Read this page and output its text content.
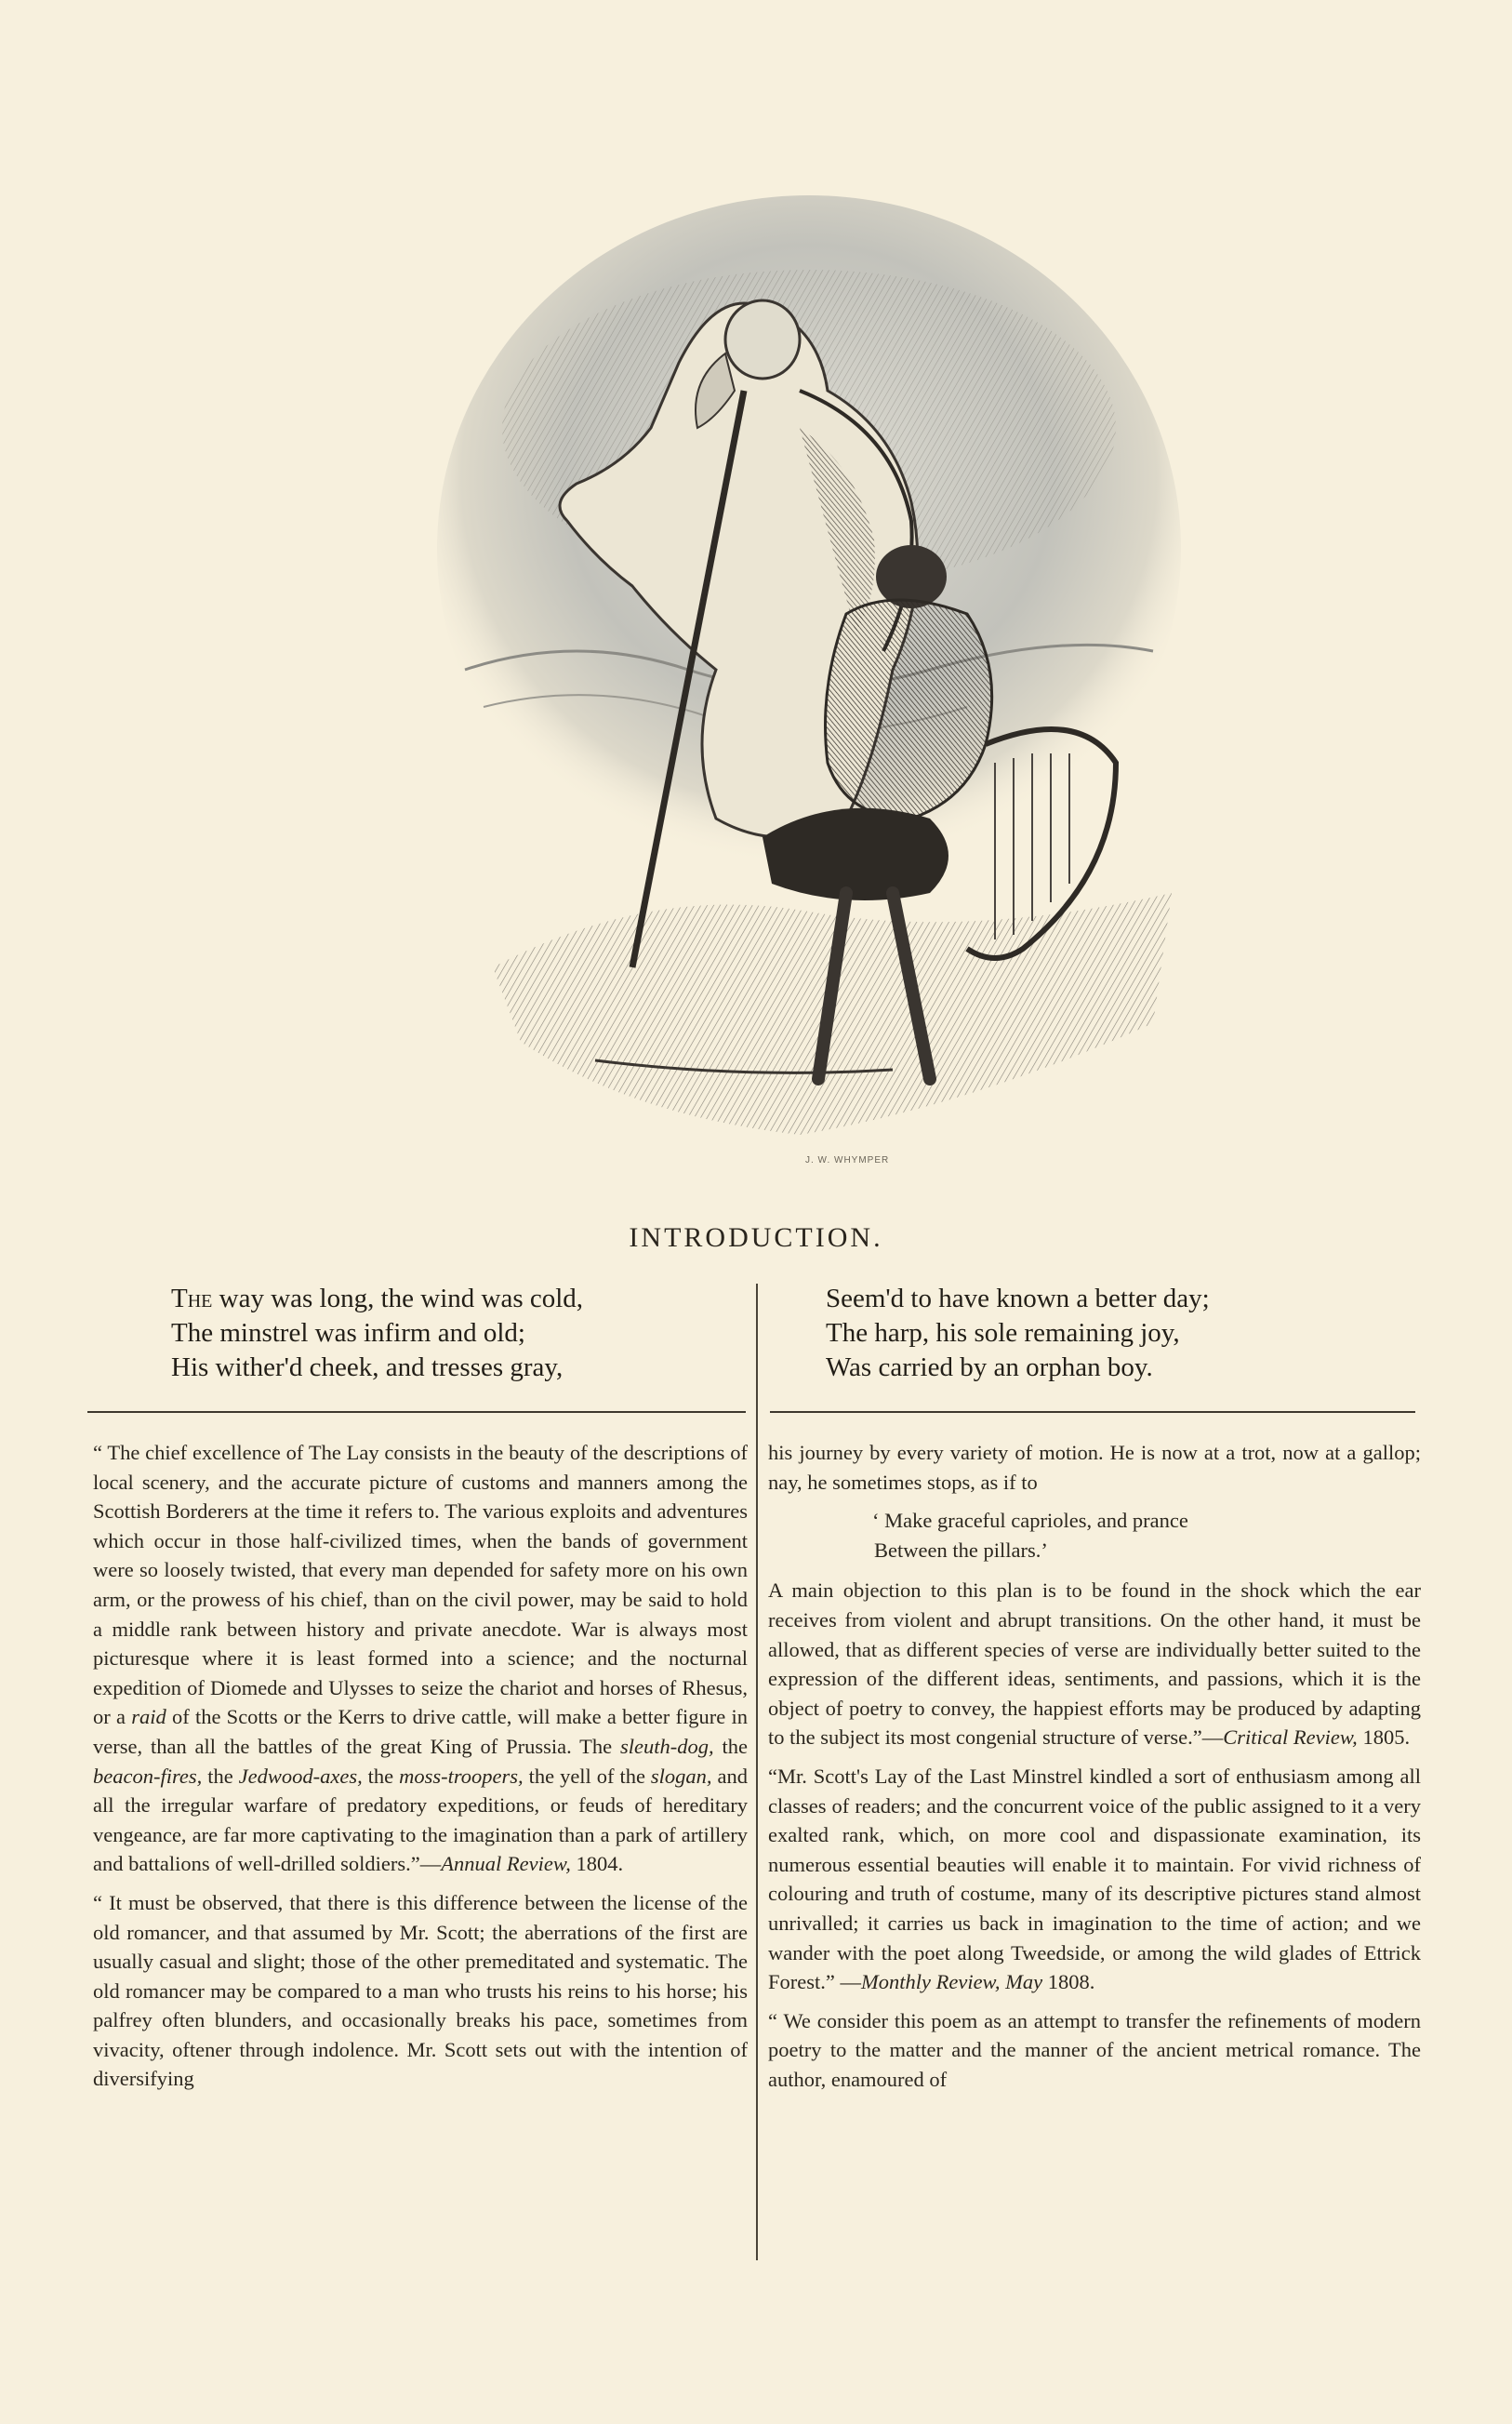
J. W. WHYMPER
INTRODUCTION.
The way was long, the wind was cold,
The minstrel was infirm and old;
His wither'd cheek, and tresses gray,
Seem'd to have known a better day;
The harp, his sole remaining joy,
Was carried by an orphan boy.

“ The chief excellence of The Lay consists in the beauty of the descriptions of local scenery, and the accurate picture of customs and manners among the Scottish Borderers at the time it refers to. The various exploits and adventures which occur in those half-civilized times, when the bands of government were so loosely twisted, that every man depended for safety more on his own arm, or the prowess of his chief, than on the civil power, may be said to hold a middle rank between history and private anecdote. War is always most picturesque where it is least formed into a science; and the nocturnal expedition of Diomede and Ulysses to seize the chariot and horses of Rhesus, or a raid of the Scotts or the Kerrs to drive cattle, will make a better figure in verse, than all the battles of the great King of Prussia. The sleuth-dog, the beacon-fires, the Jedwood-axes, the moss-troopers, the yell of the slogan, and all the irregular warfare of predatory expeditions, or feuds of hereditary vengeance, are far more captivating to the imagination than a park of artillery and battalions of well-drilled soldiers.”—Annual Review, 1804.

“ It must be observed, that there is this difference between the license of the old romancer, and that assumed by Mr. Scott; the aberrations of the first are usually casual and slight; those of the other premeditated and systematic. The old romancer may be compared to a man who trusts his reins to his horse; his palfrey often blunders, and occasionally breaks his pace, sometimes from vivacity, oftener through indolence. Mr. Scott sets out with the intention of diversifying

his journey by every variety of motion. He is now at a trot, now at a gallop; nay, he sometimes stops, as if to

‘ Make graceful caprioles, and prance
Between the pillars.’

A main objection to this plan is to be found in the shock which the ear receives from violent and abrupt transitions. On the other hand, it must be allowed, that as different species of verse are individually better suited to the expression of the different ideas, sentiments, and passions, which it is the object of poetry to convey, the happiest efforts may be produced by adapting to the subject its most congenial structure of verse.”—Critical Review, 1805.

“Mr. Scott's Lay of the Last Minstrel kindled a sort of enthusiasm among all classes of readers; and the concurrent voice of the public assigned to it a very exalted rank, which, on more cool and dispassionate examination, its numerous essential beauties will enable it to maintain. For vivid richness of colouring and truth of costume, many of its descriptive pictures stand almost unrivalled; it carries us back in imagination to the time of action; and we wander with the poet along Tweedside, or among the wild glades of Ettrick Forest.” —Monthly Review, May 1808.

“ We consider this poem as an attempt to transfer the refinements of modern poetry to the matter and the manner of the ancient metrical romance. The author, enamoured of
